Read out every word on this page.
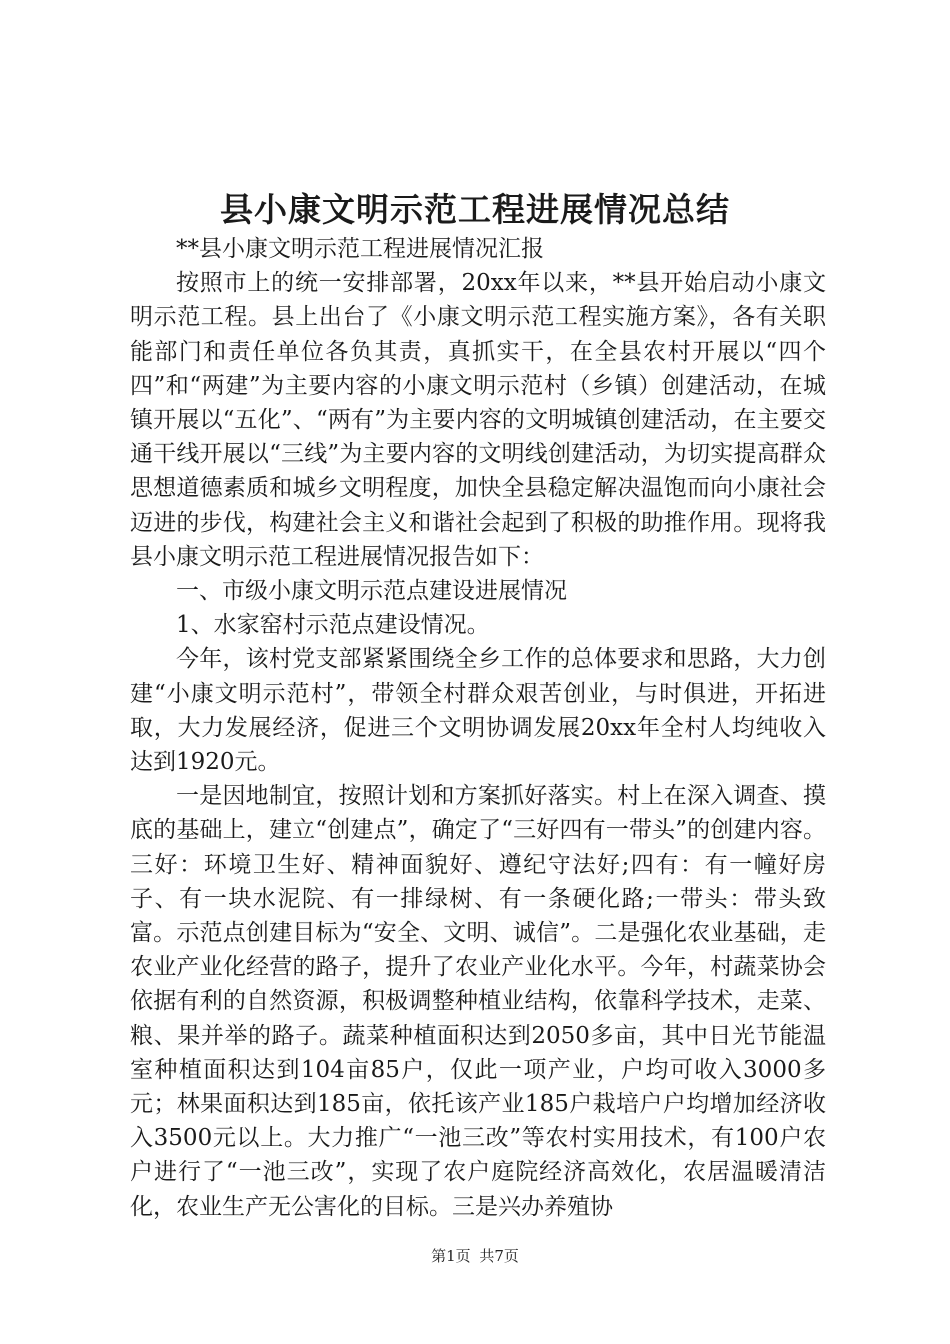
县小康文明示范工程进展情况总结

**县小康文明示范工程进展情况汇报

按照市上的统一安排部署，20xx年以来，**县开始启动小康文明示范工程。县上出台了《小康文明示范工程实施方案》，各有关职能部门和责任单位各负其责，真抓实干，在全县农村开展以“四个四”和“两建”为主要内容的小康文明示范村（乡镇）创建活动，在城镇开展以“五化”、“两有”为主要内容的文明城镇创建活动，在主要交通干线开展以“三线”为主要内容的文明线创建活动，为切实提高群众思想道德素质和城乡文明程度，加快全县稳定解决温饱而向小康社会迈进的步伐，构建社会主义和谐社会起到了积极的助推作用。现将我县小康文明示范工程进展情况报告如下：

一、市级小康文明示范点建设进展情况

1、水家窑村示范点建设情况。

今年，该村党支部紧紧围绕全乡工作的总体要求和思路，大力创建“小康文明示范村”，带领全村群众艰苦创业，与时俱进，开拓进取，大力发展经济，促进三个文明协调发展20xx年全村人均纯收入达到1920元。

一是因地制宜，按照计划和方案抓好落实。村上在深入调查、摸底的基础上，建立“创建点”，确定了“三好四有一带头”的创建内容。三好：环境卫生好、精神面貌好、遵纪守法好;四有：有一幢好房子、有一块水泥院、有一排绿树、有一条硬化路;一带头：带头致富。示范点创建目标为“安全、文明、诚信”。二是强化农业基础，走农业产业化经营的路子，提升了农业产业化水平。今年，村蔬菜协会依据有利的自然资源，积极调整种植业结构，依靠科学技术，走菜、粮、果并举的路子。蔬菜种植面积达到2050多亩，其中日光节能温室种植面积达到104亩85户，仅此一项产业，户均可收入3000多元；林果面积达到185亩，依托该产业185户栽培户户均增加经济收入3500元以上。大力推广“一池三改”等农村实用技术，有100户农户进行了“一池三改”，实现了农户庭院经济高效化，农居温暖清洁化，农业生产无公害化的目标。三是兴办养殖协

第1页 共7页
